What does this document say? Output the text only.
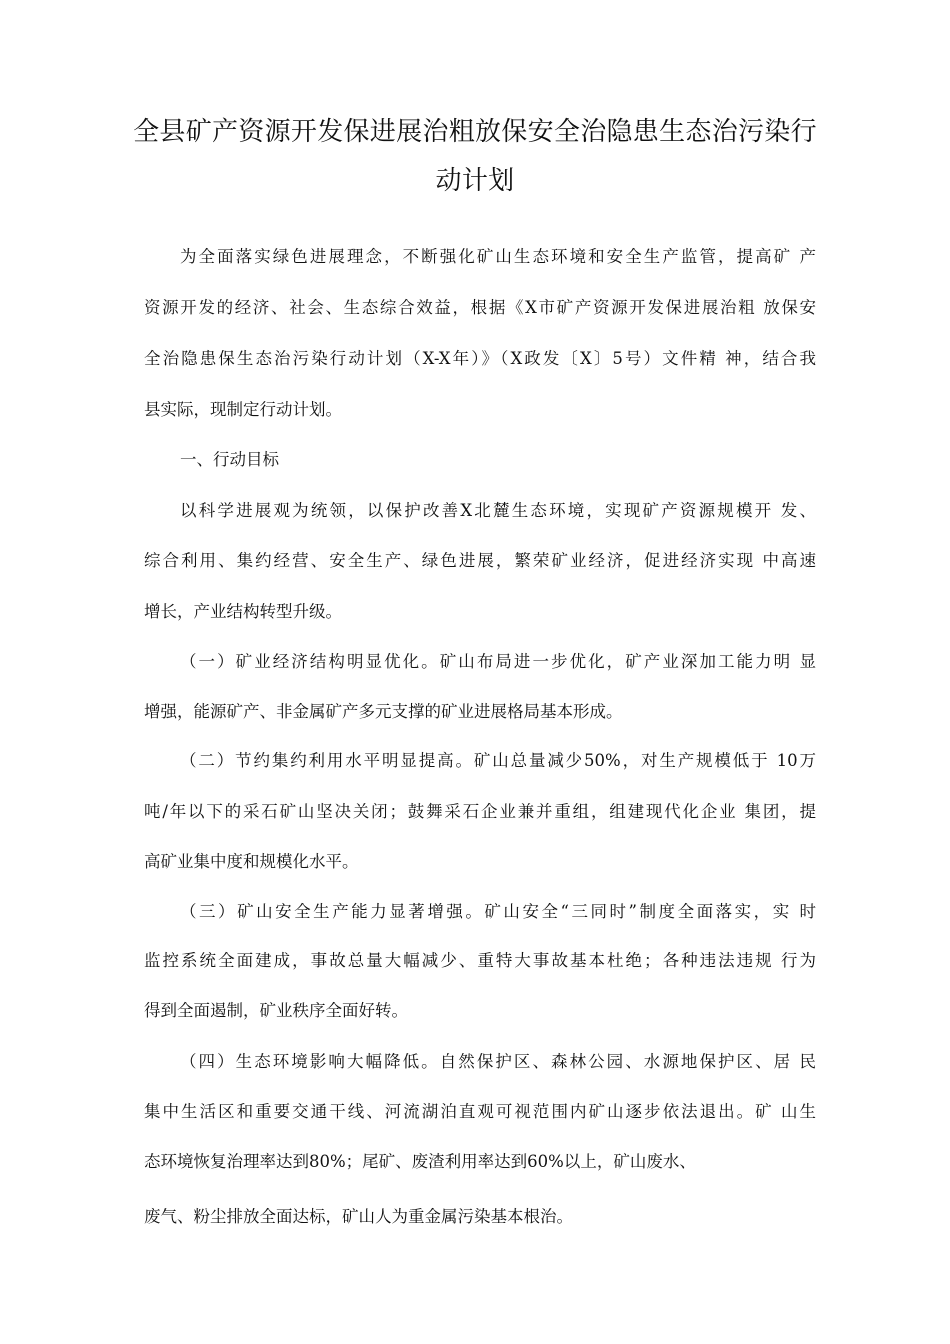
全县矿产资源开发保进展治粗放保安全治隐患生态治污染行
动计划
为全面落实绿色进展理念，不断强化矿山生态环境和安全生产监管，提高矿 产
资源开发的经济、社会、生态综合效益，根据《X市矿产资源开发保进展治粗 放保安
全治隐患保生态治污染行动计划（X-X年）》（X政发〔X〕5号）文件精 神，结合我
县实际，现制定行动计划。
一、行动目标
以科学进展观为统领，以保护改善X北麓生态环境，实现矿产资源规模开 发、
综合利用、集约经营、安全生产、绿色进展，繁荣矿业经济，促进经济实现 中高速
增长，产业结构转型升级。
（一）矿业经济结构明显优化。矿山布局进一步优化，矿产业深加工能力明 显
增强，能源矿产、非金属矿产多元支撑的矿业进展格局基本形成。
（二）节约集约利用水平明显提高。矿山总量减少50%，对生产规模低于 10万
吨/年以下的采石矿山坚决关闭；鼓舞采石企业兼并重组，组建现代化企业 集团，提
高矿业集中度和规模化水平。
（三）矿山安全生产能力显著增强。矿山安全“三同时”制度全面落实，实 时
监控系统全面建成，事故总量大幅减少、重特大事故基本杜绝；各种违法违规 行为
得到全面遏制，矿业秩序全面好转。
（四）生态环境影响大幅降低。自然保护区、森林公园、水源地保护区、居 民
集中生活区和重要交通干线、河流湖泊直观可视范围内矿山逐步依法退出。矿 山生
态环境恢复治理率达到80%；尾矿、废渣利用率达到60%以上，矿山废水、
废气、粉尘排放全面达标，矿山人为重金属污染基本根治。
